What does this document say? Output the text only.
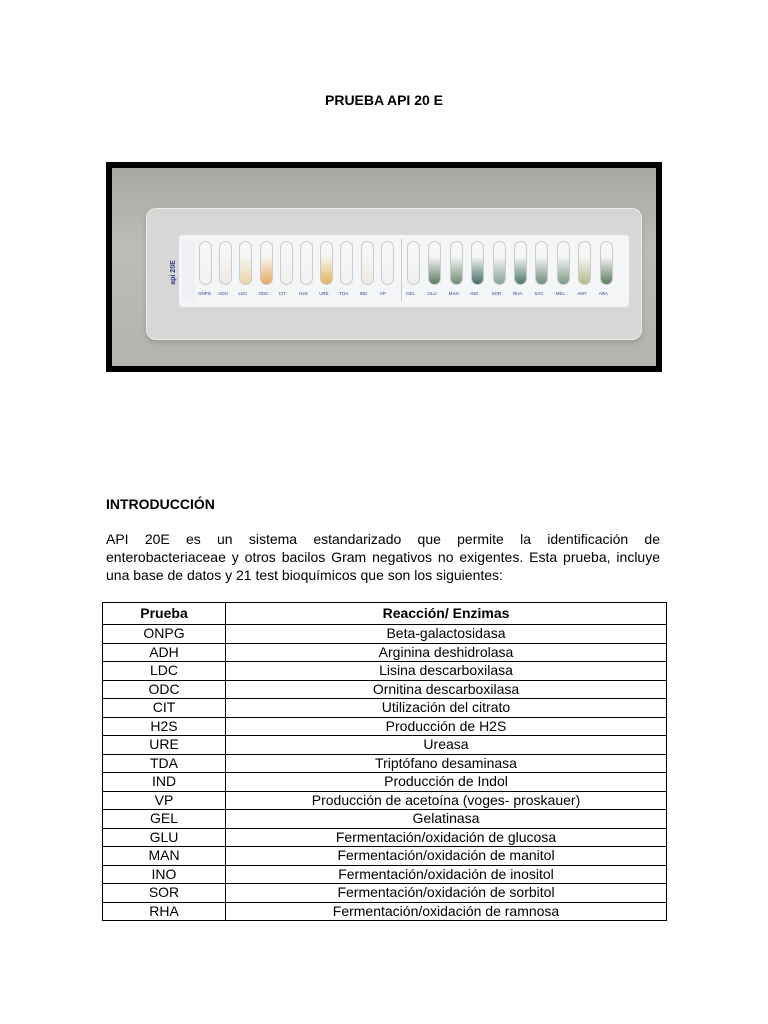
PRUEBA API 20 E
api 20E
ONPG ADH LDC ODC CIT	H2S	URE TDA IND	VP	GEL	GLU	MAN	INO	SOR	RHA	SAC	MEL	AMY	ARA
INTRODUCCIÓN
API 20E es un sistema estandarizado que permite la identificación de enterobacteriaceae y otros bacilos Gram negativos no exigentes. Esta prueba, incluye una base de datos y 21 test bioquímicos que son los siguientes:
Prueba	Reacción/ Enzimas
ONPG	Beta-galactosidasa
ADH	Arginina deshidrolasa
LDC	Lisina descarboxilasa
ODC	Ornitina descarboxilasa
CIT	Utilización del citrato
H2S	Producción de H2S
URE	Ureasa
TDA	Triptófano desaminasa
IND	Producción de Indol
VP	Producción de acetoína (voges- proskauer)
GEL	Gelatinasa
GLU	Fermentación/oxidación de glucosa
MAN	Fermentación/oxidación de manitol
INO	Fermentación/oxidación de inositol
SOR	Fermentación/oxidación de sorbitol
RHA	Fermentación/oxidación de ramnosa
